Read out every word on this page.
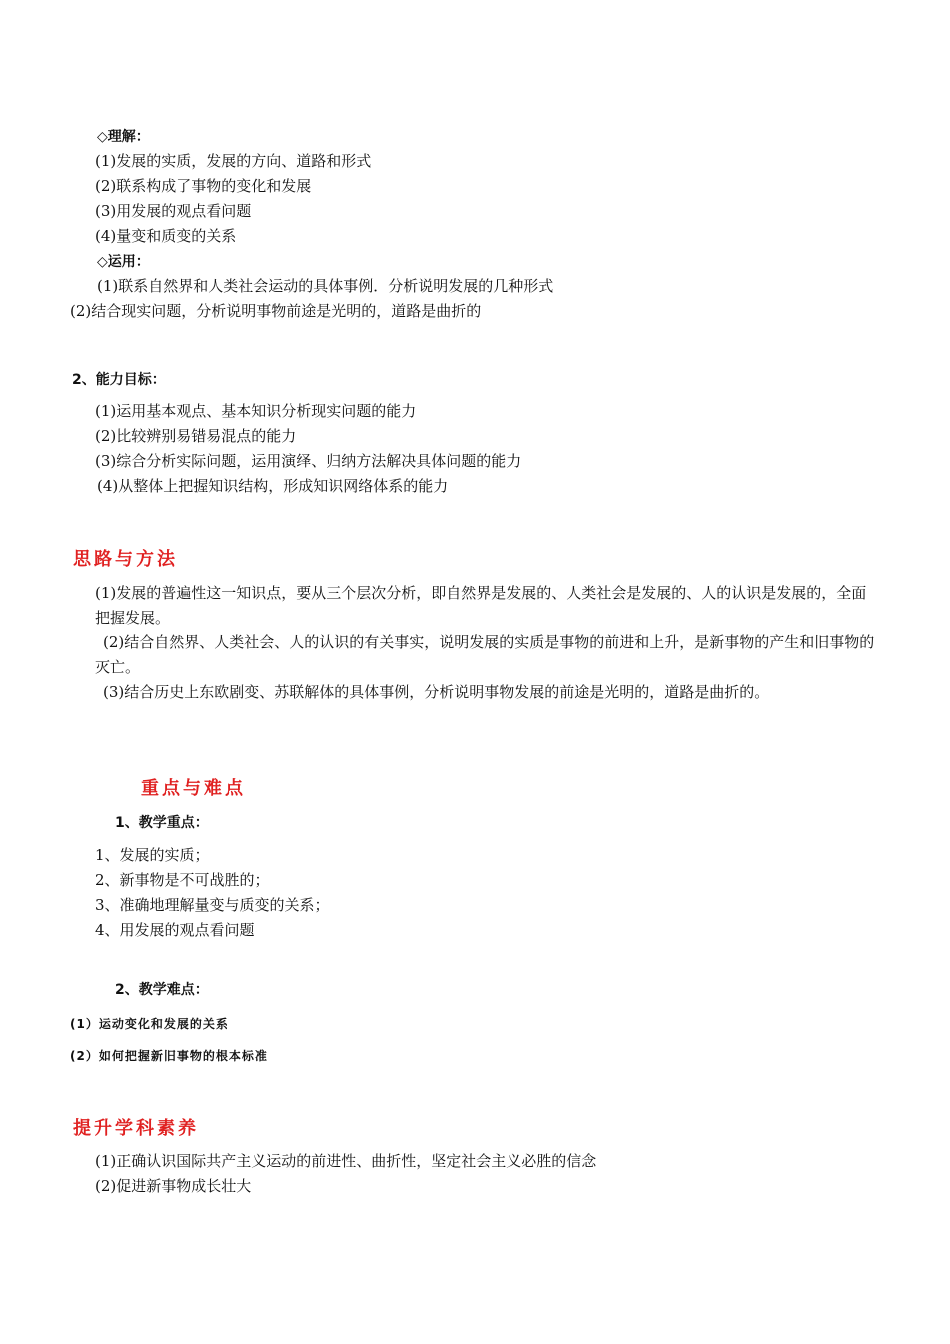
◇理解：
(1)发展的实质，发展的方向、道路和形式
(2)联系构成了事物的变化和发展
(3)用发展的观点看问题
(4)量变和质变的关系
◇运用：
(1)联系自然界和人类社会运动的具体事例．分析说明发展的几种形式
(2)结合现实问题，分析说明事物前途是光明的，道路是曲折的
2、能力目标：
(1)运用基本观点、基本知识分析现实问题的能力
(2)比较辨别易错易混点的能力
(3)综合分析实际问题，运用演绎、归纳方法解决具体问题的能力
(4)从整体上把握知识结构，形成知识网络体系的能力
思路与方法
(1)发展的普遍性这一知识点，要从三个层次分析，即自然界是发展的、人类社会是发展的、人的认识是发展的，全面把握发展。
(2)结合自然界、人类社会、人的认识的有关事实，说明发展的实质是事物的前进和上升，是新事物的产生和旧事物的灭亡。
(3)结合历史上东欧剧变、苏联解体的具体事例，分析说明事物发展的前途是光明的，道路是曲折的。
重点与难点
1、教学重点：
1、发展的实质；
2、新事物是不可战胜的；
3、准确地理解量变与质变的关系；
4、用发展的观点看问题
2、教学难点：
(1）运动变化和发展的关系
(2）如何把握新旧事物的根本标准
提升学科素养
(1)正确认识国际共产主义运动的前进性、曲折性，坚定社会主义必胜的信念
(2)促进新事物成长壮大
